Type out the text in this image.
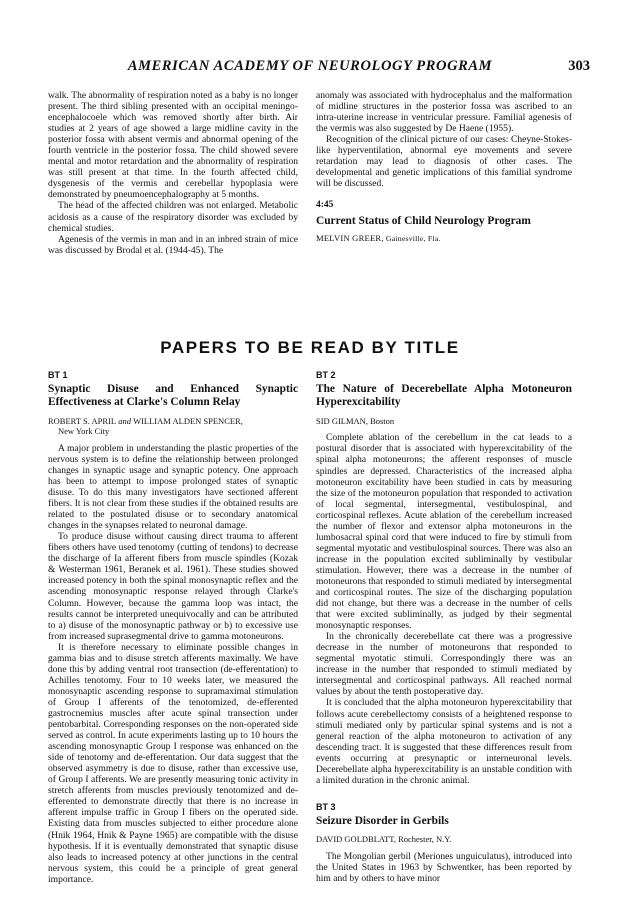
AMERICAN ACADEMY OF NEUROLOGY PROGRAM	303

walk. The abnormality of respiration noted as a baby is no longer present. The third sibling presented with an occipital meningo-encephalocoele which was removed shortly after birth. Air studies at 2 years of age showed a large midline cavity in the posterior fossa with absent vermis and abnormal opening of the fourth ventricle in the posterior fossa. The child showed severe mental and motor retardation and the abnormality of respiration was still present at that time. In the fourth affected child, dysgenesis of the vermis and cerebellar hypoplasia were demonstrated by pneumoencephalography at 5 months.

The head of the affected children was not enlarged. Metabolic acidosis as a cause of the respiratory disorder was excluded by chemical studies.

Agenesis of the vermis in man and in an inbred strain of mice was discussed by Brodal et al. (1944-45). The

anomaly was associated with hydrocephalus and the malformation of midline structures in the posterior fossa was ascribed to an intra-uterine increase in ventricular pressure. Familial agenesis of the vermis was also suggested by De Haene (1955).

Recognition of the clinical picture of our cases: Cheyne-Stokes-like hyperventilation, abnormal eye movements and severe retardation may lead to diagnosis of other cases. The developmental and genetic implications of this familial syndrome will be discussed.

4:45
Current Status of Child Neurology Program
MELVIN GREER, Gainesville, Fla.
PAPERS TO BE READ BY TITLE
BT 1
Synaptic Disuse and Enhanced Synaptic Effectiveness at Clarke's Column Relay
ROBERT S. APRIL and WILLIAM ALDEN SPENCER,
New York City

A major problem in understanding the plastic properties of the nervous system is to define the relationship between prolonged changes in synaptic usage and synaptic potency. One approach has been to attempt to impose prolonged states of synaptic disuse. To do this many investigators have sectioned afferent fibers. It is not clear from these studies if the obtained results are related to the postulated disuse or to secondary anatomical changes in the synapses related to neuronal damage.

To produce disuse without causing direct trauma to afferent fibers others have used tenotomy (cutting of tendons) to decrease the discharge of Ia afferent fibers from muscle spindles (Kozak & Westerman 1961, Beranek et al. 1961). These studies showed increased potency in both the spinal monosynaptic reflex and the ascending monosynaptic response relayed through Clarke's Column. However, because the gamma loop was intact, the results cannot be interpreted unequivocally and can be attributed to a) disuse of the monosynaptic pathway or b) to excessive use from increased suprasegmental drive to gamma motoneurons.

It is therefore necessary to eliminate possible changes in gamma bias and to disuse stretch afferents maximally. We have done this by adding ventral root transection (de-efferentation) to Achilles tenotomy. Four to 10 weeks later, we measured the monosynaptic ascending response to supramaximal stimulation of Group I afferents of the tenotomized, de-efferented gastrocnemius muscles after acute spinal transection under pentobarbital. Corresponding responses on the non-operated side served as control. In acute experiments lasting up to 10 hours the ascending monosynaptic Group I response was enhanced on the side of tenotomy and de-efferentation. Our data suggest that the observed asymmetry is due to disuse, rather than excessive use, of Group I afferents. We are presently measuring tonic activity in stretch afferents from muscles previously tenotomized and de-efferented to demonstrate directly that there is no increase in afferent impulse traffic in Group I fibers on the operated side. Existing data from muscles subjected to either procedure alone (Hnik 1964, Hnik & Payne 1965) are compatible with the disuse hypothesis. If it is eventually demonstrated that synaptic disuse also leads to increased potency at other junctions in the central nervous system, this could be a principle of great general importance.

BT 2
The Nature of Decerebellate Alpha Motoneuron Hyperexcitability
SID GILMAN, Boston

Complete ablation of the cerebellum in the cat leads to a postural disorder that is associated with hyperexcitability of the spinal alpha motoneurons; the afferent responses of muscle spindles are depressed. Characteristics of the increased alpha motoneuron excitability have been studied in cats by measuring the size of the motoneuron population that responded to activation of local segmental, intersegmental, vestibulospinal, and corticospinal reflexes. Acute ablation of the cerebellum increased the number of flexor and extensor alpha motoneurons in the lumbosacral spinal cord that were induced to fire by stimuli from segmental myotatic and vestibulospinal sources. There was also an increase in the population excited subliminally by vestibular stimulation. However, there was a decrease in the number of motoneurons that responded to stimuli mediated by intersegmental and corticospinal routes. The size of the discharging population did not change, but there was a decrease in the number of cells that were excited subliminally, as judged by their segmental monosynaptic responses.

In the chronically decerebellate cat there was a progressive decrease in the number of motoneurons that responded to segmental myotatic stimuli. Correspondingly there was an increase in the number that responded to stimuli mediated by intersegmental and corticospinal pathways. All reached normal values by about the tenth postoperative day.

It is concluded that the alpha motoneuron hyperexcitability that follows acute cerebellectomy consists of a heightened response to stimuli mediated only by particular spinal systems and is not a general reaction of the alpha motoneuron to activation of any descending tract. It is suggested that these differences result from events occurring at presynaptic or interneuronal levels. Decerebellate alpha hyperexcitability is an unstable condition with a limited duration in the chronic animal.

BT 3
Seizure Disorder in Gerbils
DAVID GOLDBLATT, Rochester, N.Y.

The Mongolian gerbil (Meriones unguiculatus), introduced into the United States in 1963 by Schwentker, has been reported by him and by others to have minor
